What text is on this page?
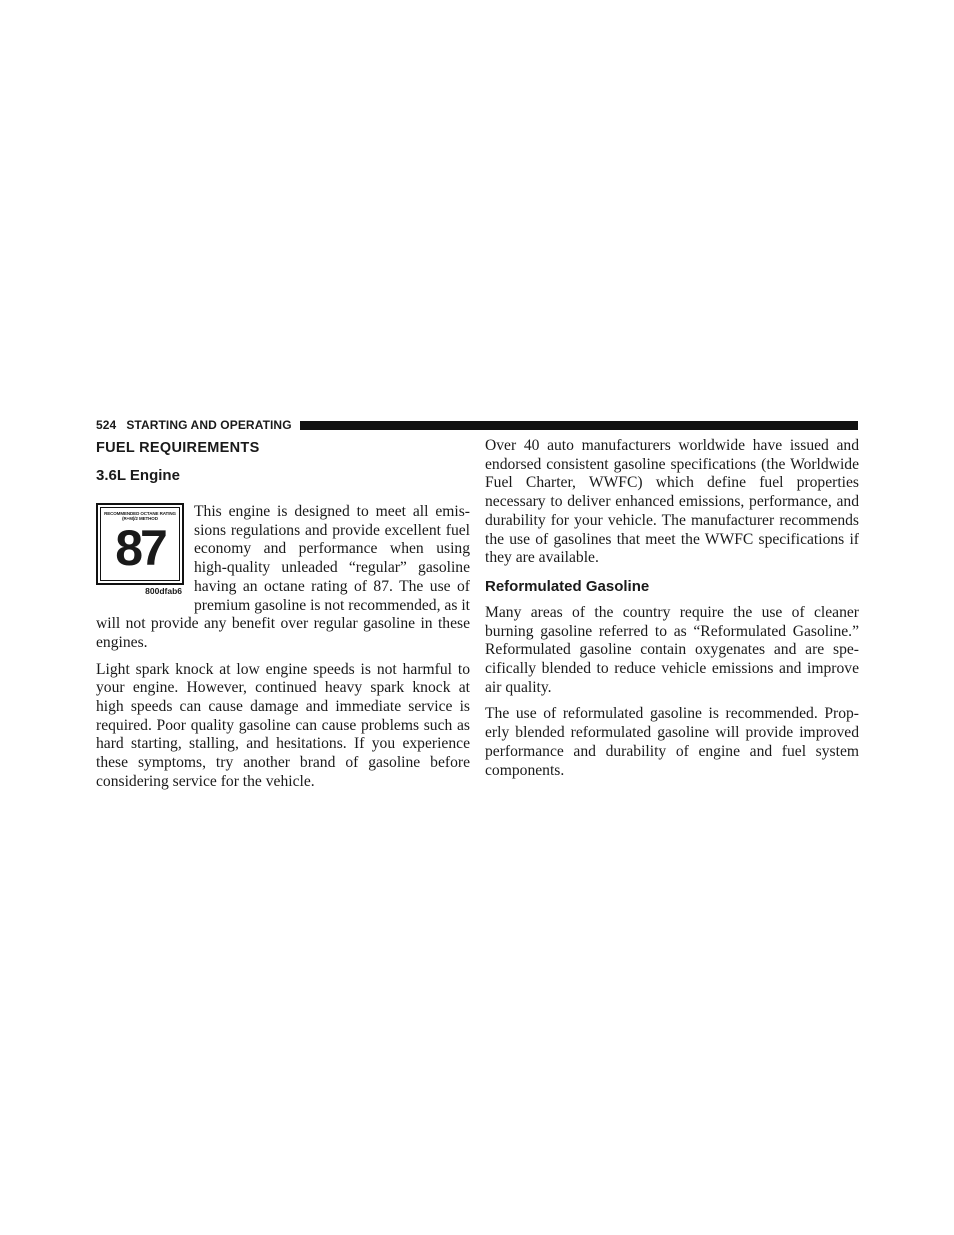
524 STARTING AND OPERATING
FUEL REQUIREMENTS
3.6L Engine
RECOMMENDED OCTANE RATING (R+M)/2 METHOD
87
800dfab6

This engine is designed to meet all emissions regulations and provide excellent fuel economy and performance when using high-quality unleaded “regular” gasoline having an octane rating of 87. The use of premium gasoline is not recommended, as it will not provide any benefit over regular gasoline in these engines.

Light spark knock at low engine speeds is not harmful to your engine. However, continued heavy spark knock at high speeds can cause damage and immediate service is required. Poor quality gasoline can cause problems such as hard starting, stalling, and hesitations. If you experience these symptoms, try another brand of gasoline before considering service for the vehicle.

Over 40 auto manufacturers worldwide have issued and endorsed consistent gasoline specifications (the Worldwide Fuel Charter, WWFC) which define fuel properties necessary to deliver enhanced emissions, performance, and durability for your vehicle. The manufacturer recommends the use of gasolines that meet the WWFC specifications if they are available.

Reformulated Gasoline

Many areas of the country require the use of cleaner burning gasoline referred to as “Reformulated Gasoline.” Reformulated gasoline contain oxygenates and are specifically blended to reduce vehicle emissions and improve air quality.

The use of reformulated gasoline is recommended. Properly blended reformulated gasoline will provide improved performance and durability of engine and fuel system components.
